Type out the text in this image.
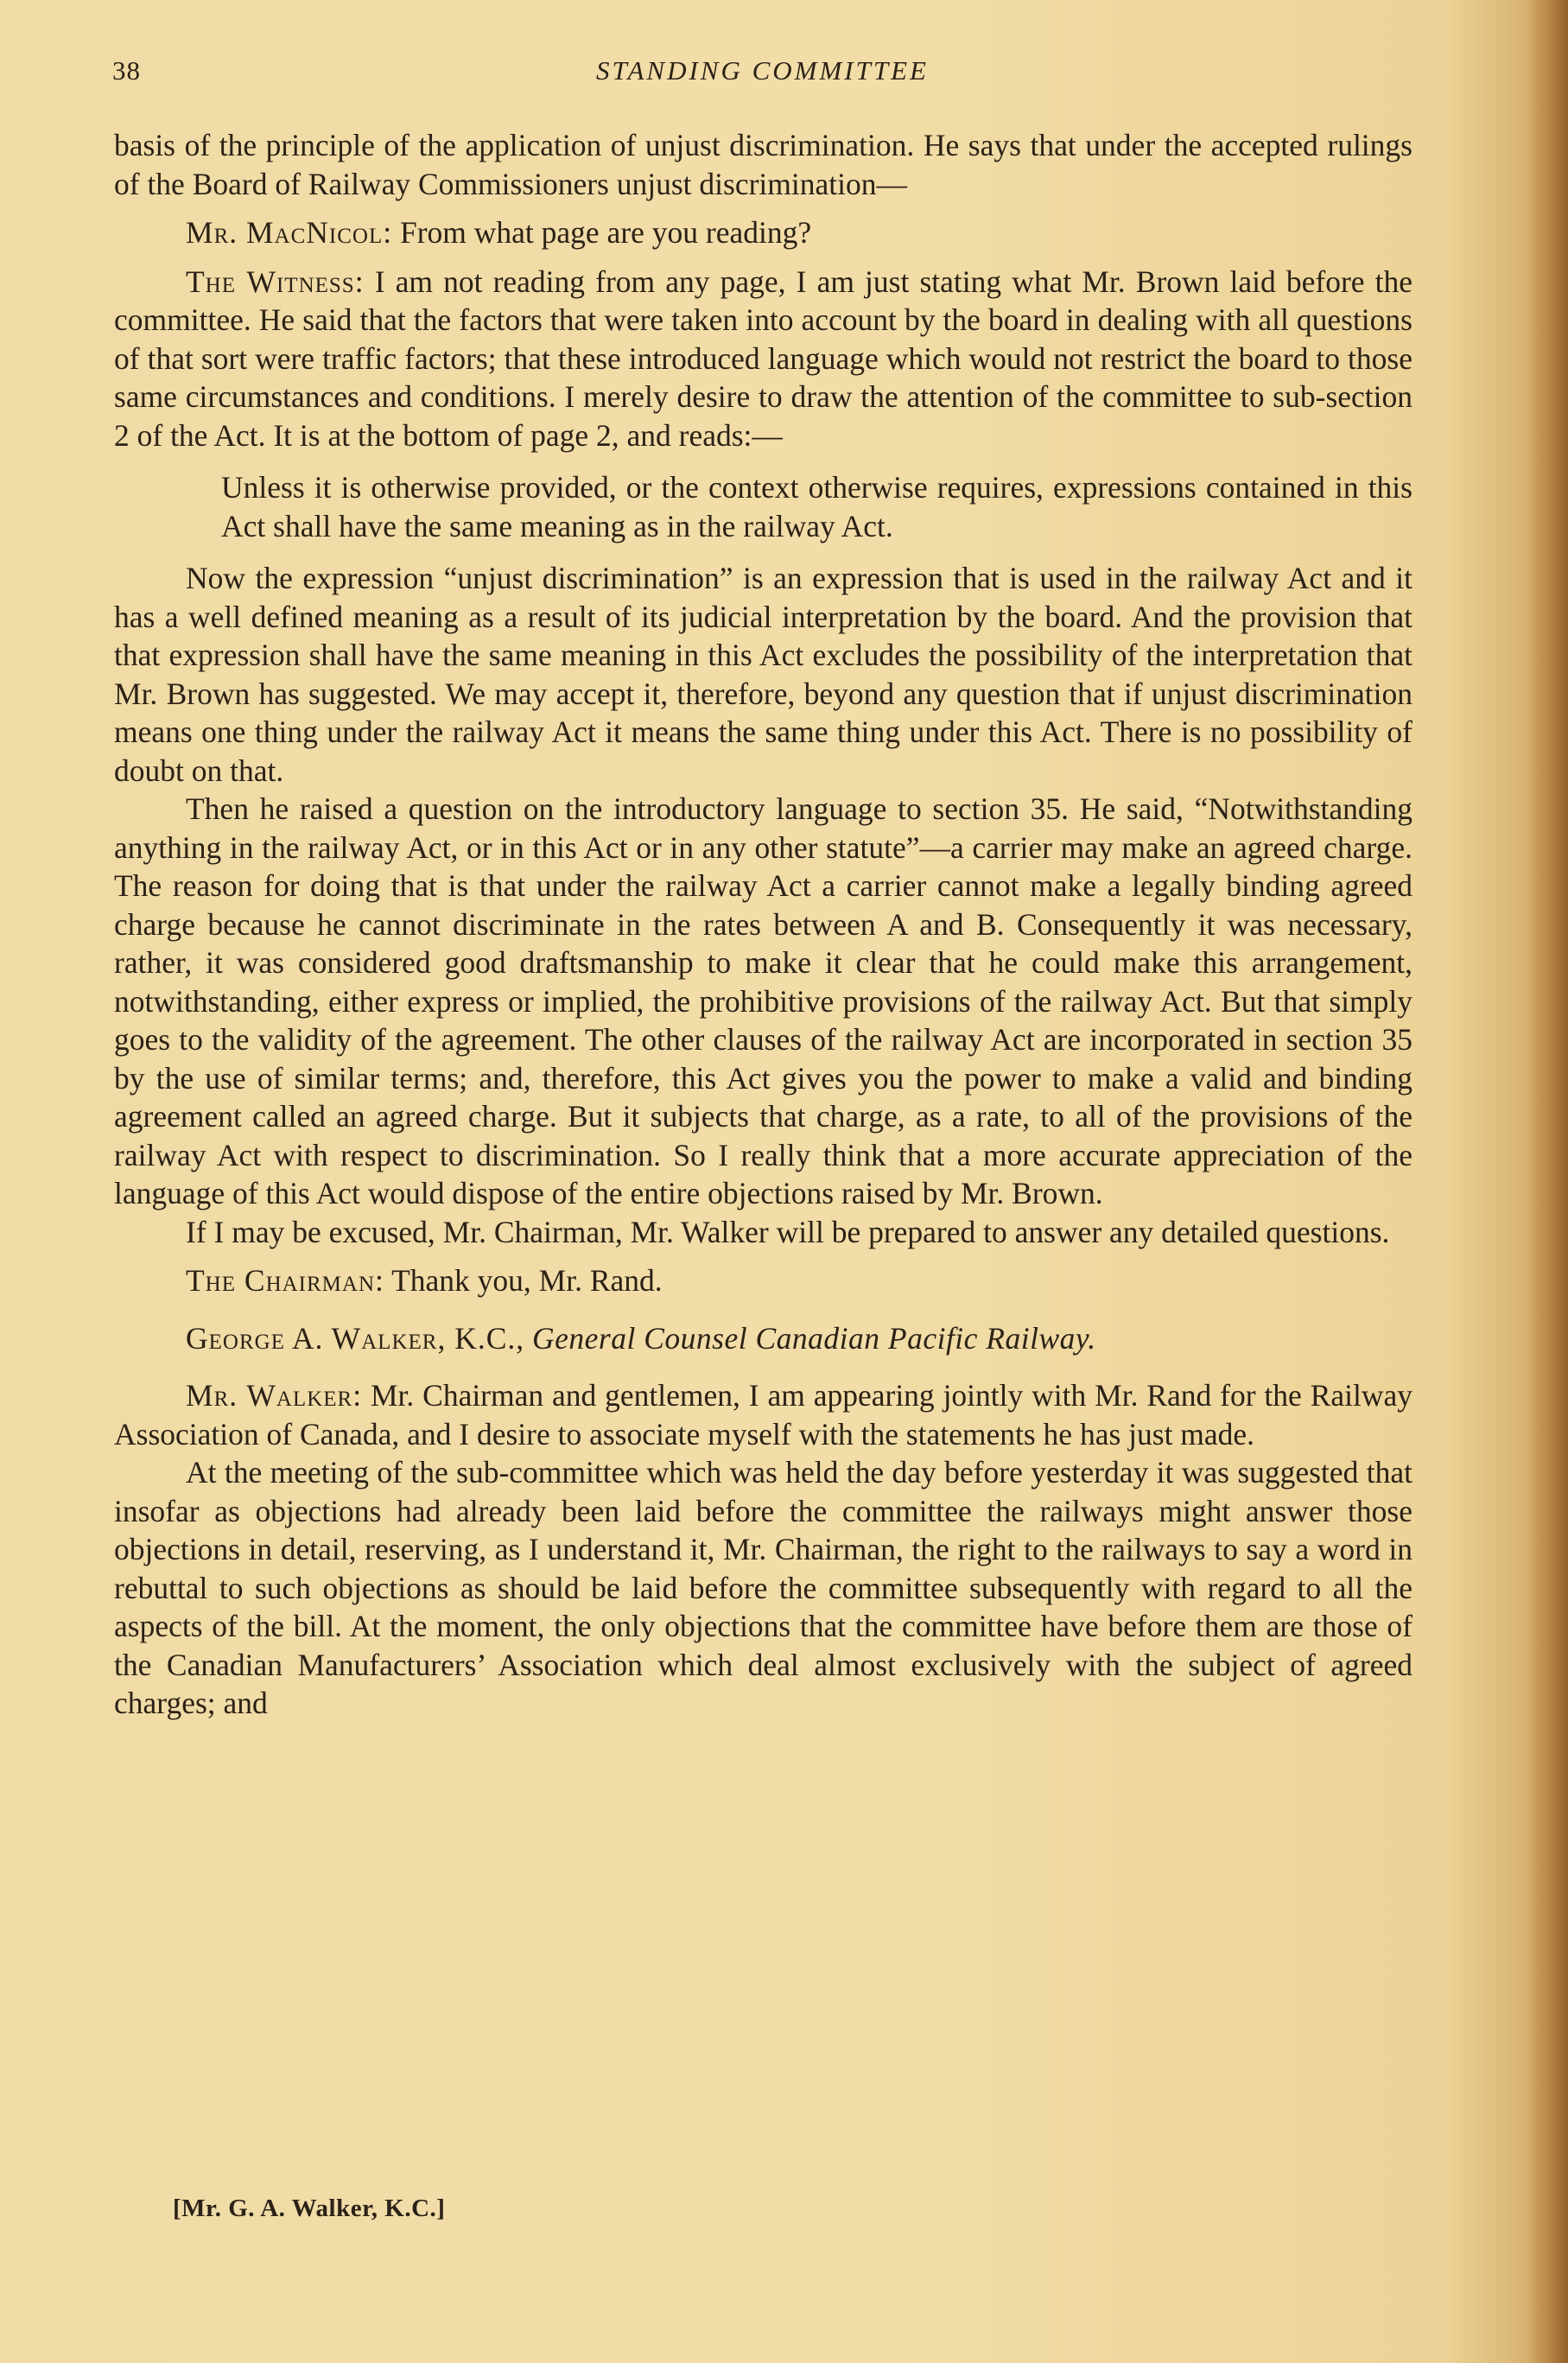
38	STANDING COMMITTEE

basis of the principle of the application of unjust discrimination. He says that under the accepted rulings of the Board of Railway Commissioners unjust discrimination—

Mr. MacNicol: From what page are you reading?

The Witness: I am not reading from any page, I am just stating what Mr. Brown laid before the committee. He said that the factors that were taken into account by the board in dealing with all questions of that sort were traffic factors; that these introduced language which would not restrict the board to those same circumstances and conditions. I merely desire to draw the attention of the committee to sub-section 2 of the Act. It is at the bottom of page 2, and reads:—

Unless it is otherwise provided, or the context otherwise requires, expressions contained in this Act shall have the same meaning as in the railway Act.

Now the expression “unjust discrimination” is an expression that is used in the railway Act and it has a well defined meaning as a result of its judicial interpretation by the board. And the provision that that expression shall have the same meaning in this Act excludes the possibility of the interpretation that Mr. Brown has suggested. We may accept it, therefore, beyond any question that if unjust discrimination means one thing under the railway Act it means the same thing under this Act. There is no possibility of doubt on that.

Then he raised a question on the introductory language to section 35. He said, “Notwithstanding anything in the railway Act, or in this Act or in any other statute”—a carrier may make an agreed charge. The reason for doing that is that under the railway Act a carrier cannot make a legally binding agreed charge because he cannot discriminate in the rates between A and B. Consequently it was necessary, rather, it was considered good draftsmanship to make it clear that he could make this arrangement, notwithstanding, either express or implied, the prohibitive provisions of the railway Act. But that simply goes to the validity of the agreement. The other clauses of the railway Act are incorporated in section 35 by the use of similar terms; and, therefore, this Act gives you the power to make a valid and binding agreement called an agreed charge. But it subjects that charge, as a rate, to all of the provisions of the railway Act with respect to discrimination. So I really think that a more accurate appreciation of the language of this Act would dispose of the entire objections raised by Mr. Brown.

If I may be excused, Mr. Chairman, Mr. Walker will be prepared to answer any detailed questions.

The Chairman: Thank you, Mr. Rand.

George A. Walker, K.C., General Counsel Canadian Pacific Railway.

Mr. Walker: Mr. Chairman and gentlemen, I am appearing jointly with Mr. Rand for the Railway Association of Canada, and I desire to associate myself with the statements he has just made.

At the meeting of the sub-committee which was held the day before yesterday it was suggested that insofar as objections had already been laid before the committee the railways might answer those objections in detail, reserving, as I understand it, Mr. Chairman, the right to the railways to say a word in rebuttal to such objections as should be laid before the committee subsequently with regard to all the aspects of the bill. At the moment, the only objections that the committee have before them are those of the Canadian Manufacturers’ Association which deal almost exclusively with the subject of agreed charges; and

[Mr. G. A. Walker, K.C.]
